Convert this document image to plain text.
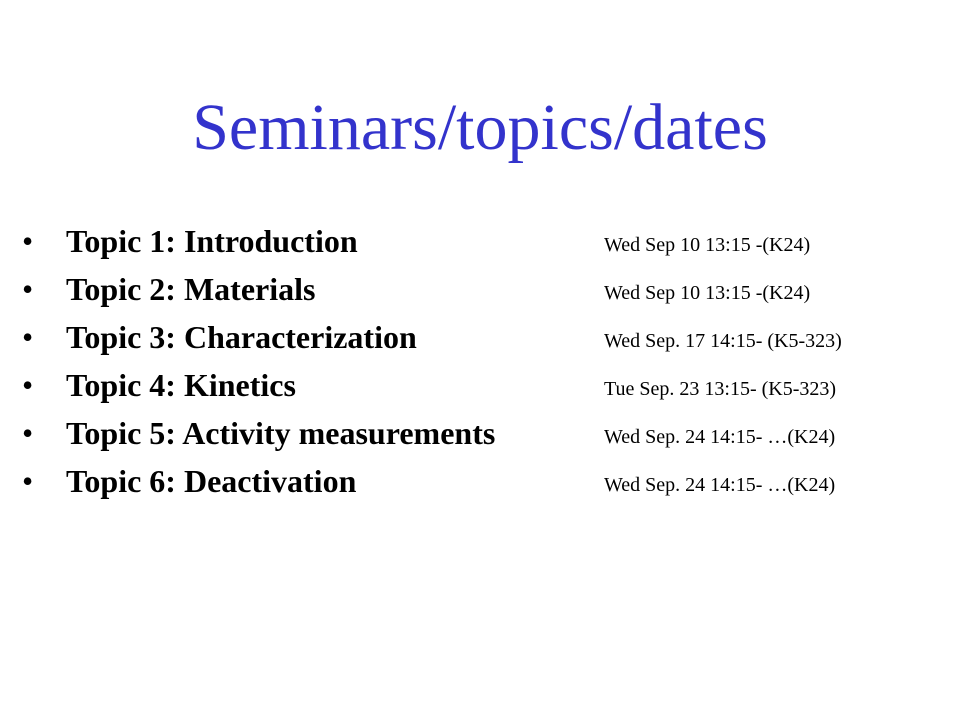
Seminars/topics/dates
•	Topic 1: Introduction	Wed Sep 10 13:15 -(K24)
•	Topic 2: Materials	Wed Sep 10 13:15 -(K24)
•	Topic 3: Characterization	Wed Sep. 17 14:15- (K5-323)
•	Topic 4: Kinetics	Tue Sep. 23 13:15- (K5-323)
•	Topic 5: Activity measurements	Wed Sep. 24 14:15- …(K24)
•	Topic 6: Deactivation	Wed Sep. 24 14:15- …(K24)
